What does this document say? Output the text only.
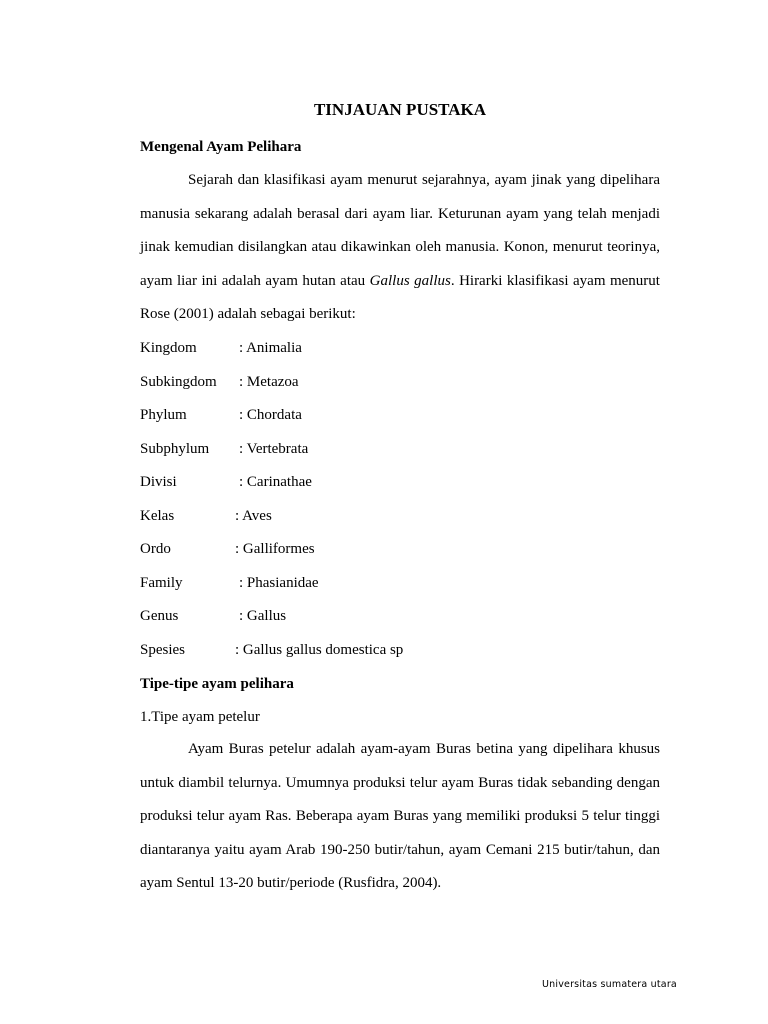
TINJAUAN PUSTAKA
Mengenal Ayam Pelihara

Sejarah dan klasifikasi ayam menurut sejarahnya, ayam jinak yang dipelihara manusia sekarang adalah berasal dari ayam liar. Keturunan ayam yang telah menjadi jinak kemudian disilangkan atau dikawinkan oleh manusia. Konon, menurut teorinya, ayam liar ini adalah ayam hutan atau Gallus gallus. Hirarki klasifikasi ayam menurut Rose (2001) adalah sebagai berikut:

Kingdom	: Animalia
Subkingdom : Metazoa
Phylum	: Chordata
Subphylum : Vertebrata
Divisi	: Carinathae
Kelas	: Aves
Ordo	: Galliformes
Family	: Phasianidae
Genus	: Gallus
Spesies	: Gallus gallus domestica sp
Tipe-tipe ayam pelihara
1.Tipe ayam petelur

Ayam Buras petelur adalah ayam-ayam Buras betina yang dipelihara khusus untuk diambil telurnya. Umumnya produksi telur ayam Buras tidak sebanding dengan produksi telur ayam Ras. Beberapa ayam Buras yang memiliki produksi 5 telur tinggi diantaranya yaitu ayam Arab 190-250 butir/tahun, ayam Cemani 215 butir/tahun, dan ayam Sentul 13-20 butir/periode (Rusfidra, 2004).

Universitas sumatera utara
